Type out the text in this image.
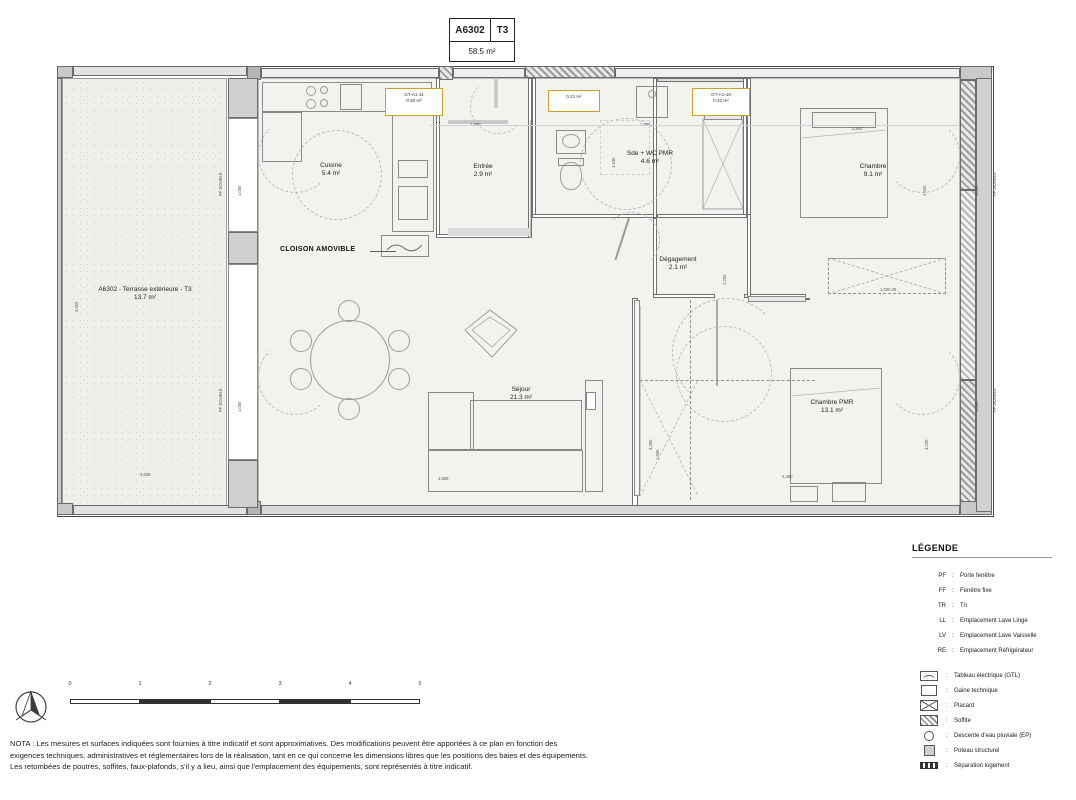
A6302	T3
58.5 m²
PF DOUBLE
PF DOUBLE
1,000
1,000
PF DOUBLE
PF DOUBLE
1,000
1,000
1,020.25
CLOISON AMOVIBLE
2,840
2,500
3,865
3,350
4,480
3,020
1,550
1,200
1,630
3,060
3,345
GT-A1-11
0.30 m²
0.21 m²	GT-A1-10
0.31 m²
Cuisine
5.4 m²
Entrée
2.9 m²
Sde + WC PMR
4.6 m²
Chambre
9.1 m²
Dégagement
2.1 m²
Séjour
21.3 m²
Chambre PMR
13.1 m²
A6302 - Terrasse extérieure - T3
13.7 m²
LÉGENDE
PF	:	Porte fenêtre
FF	:	Fenêtre fixe
TR	:	Tri
LL	:	Emplacement Lave Linge
LV	:	Emplacement Lave Vaisselle
RE	:	Emplacement Réfrigérateur
:	Tableau électrique (GTL)
:	Gaine technique
:	Placard
:	Soffite
:	Descente d'eau pluviale (EP)
:	Poteau structurel
:	Séparation logement
0	1	2	3	4	5
NOTA : Les mesures et surfaces indiquées sont fournies à titre indicatif et sont approximatives. Des modifications peuvent être apportées à ce plan en fonction des exigences techniques, administratives et réglementaires lors de la réalisation, tant en ce qui concerne les dimensions libres que les positions des baies et des équipements. Les retombées de poutres, soffites, faux-plafonds, s'il y a lieu, ainsi que l'emplacement des équipements, sont représentés à titre indicatif.
